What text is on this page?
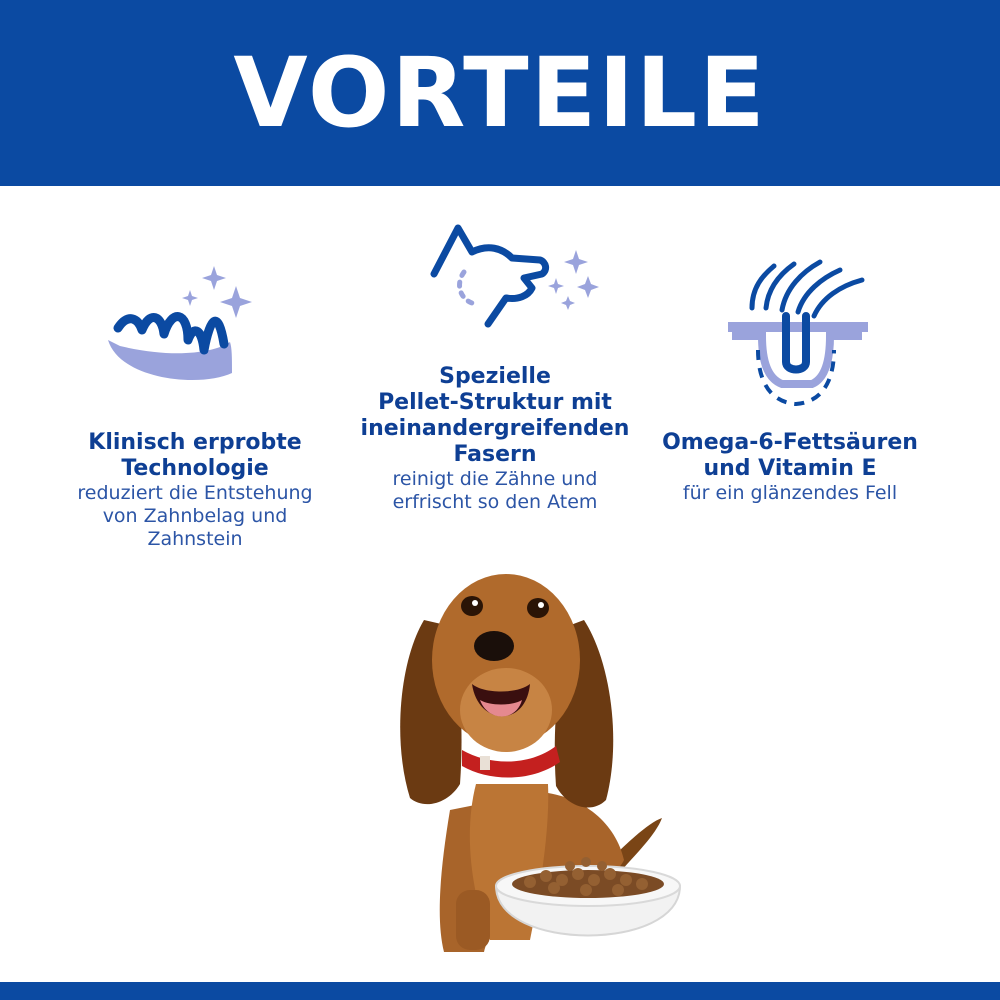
VORTEILE
Klinisch erprobte
Technologie
reduziert die Entstehung
von Zahnbelag und
Zahnstein
Spezielle
Pellet-Struktur mit
ineinandergreifenden
Fasern
reinigt die Zähne und
erfrischt so den Atem
Omega-6-Fettsäuren
und Vitamin E
für ein glänzendes Fell
